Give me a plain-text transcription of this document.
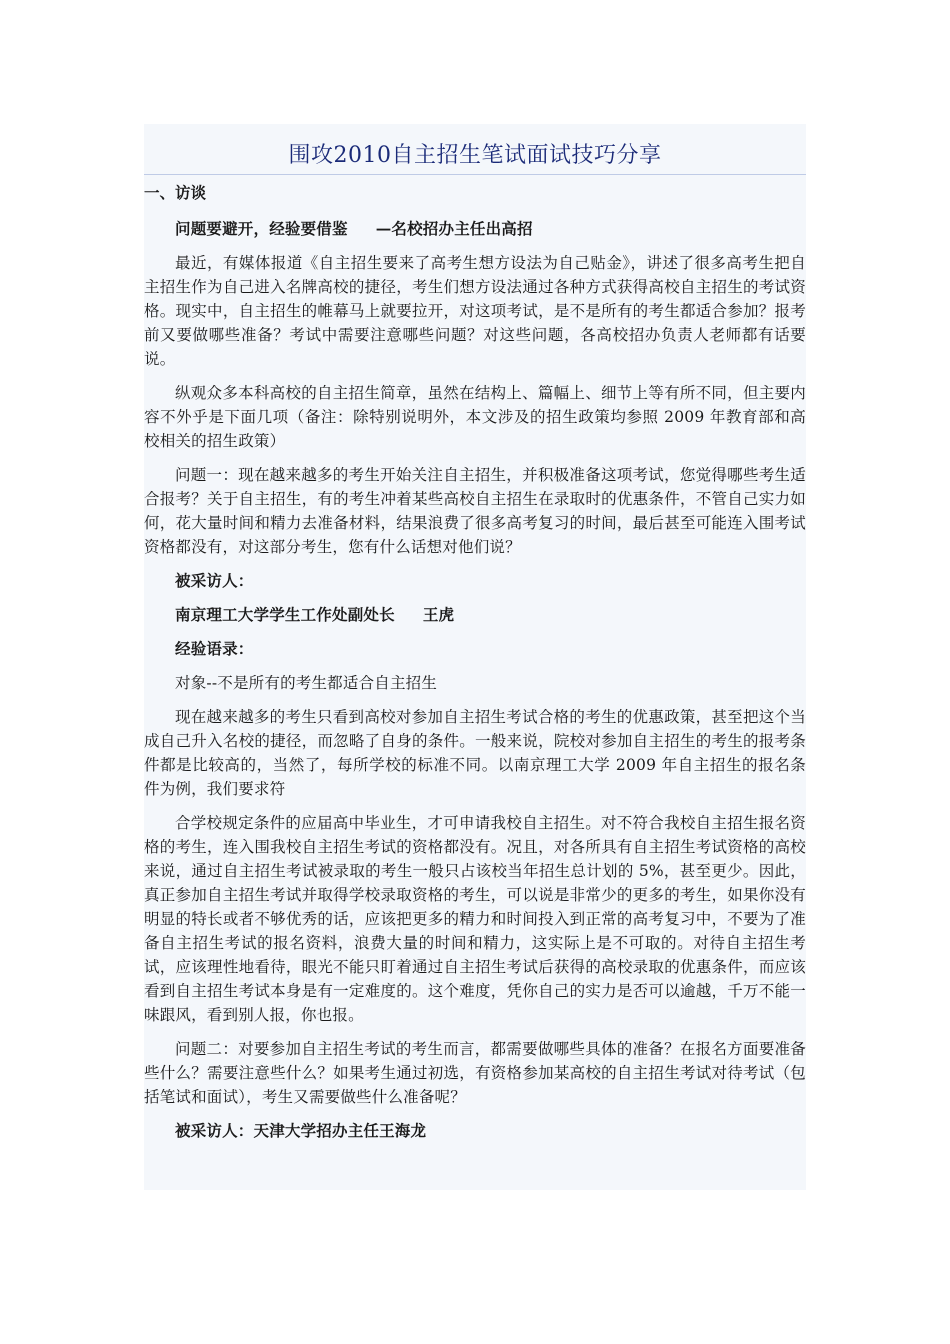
围攻2010自主招生笔试面试技巧分享
一、访谈

问题要避开，经验要借鉴 —名校招办主任出高招

最近，有媒体报道《自主招生要来了高考生想方设法为自己贴金》，讲述了很多高考生把自主招生作为自己进入名牌高校的捷径，考生们想方设法通过各种方式获得高校自主招生的考试资格。现实中，自主招生的帷幕马上就要拉开，对这项考试，是不是所有的考生都适合参加？报考前又要做哪些准备？考试中需要注意哪些问题？对这些问题，各高校招办负责人老师都有话要说。

纵观众多本科高校的自主招生简章，虽然在结构上、篇幅上、细节上等有所不同，但主要内容不外乎是下面几项（备注：除特别说明外，本文涉及的招生政策均参照 2009 年教育部和高校相关的招生政策）

问题一：现在越来越多的考生开始关注自主招生，并积极准备这项考试，您觉得哪些考生适合报考？关于自主招生，有的考生冲着某些高校自主招生在录取时的优惠条件，不管自己实力如何，花大量时间和精力去准备材料，结果浪费了很多高考复习的时间，最后甚至可能连入围考试资格都没有，对这部分考生，您有什么话想对他们说？

被采访人：

南京理工大学学生工作处副处长 王虎

经验语录：

对象--不是所有的考生都适合自主招生

现在越来越多的考生只看到高校对参加自主招生考试合格的考生的优惠政策，甚至把这个当成自己升入名校的捷径，而忽略了自身的条件。一般来说，院校对参加自主招生的考生的报考条件都是比较高的，当然了，每所学校的标准不同。以南京理工大学 2009 年自主招生的报名条件为例，我们要求符

合学校规定条件的应届高中毕业生，才可申请我校自主招生。对不符合我校自主招生报名资格的考生，连入围我校自主招生考试的资格都没有。况且，对各所具有自主招生考试资格的高校来说，通过自主招生考试被录取的考生一般只占该校当年招生总计划的 5%，甚至更少。因此，真正参加自主招生考试并取得学校录取资格的考生，可以说是非常少的更多的考生，如果你没有明显的特长或者不够优秀的话，应该把更多的精力和时间投入到正常的高考复习中，不要为了准备自主招生考试的报名资料，浪费大量的时间和精力，这实际上是不可取的。对待自主招生考试，应该理性地看待，眼光不能只盯着通过自主招生考试后获得的高校录取的优惠条件，而应该看到自主招生考试本身是有一定难度的。这个难度，凭你自己的实力是否可以逾越，千万不能一味跟风，看到别人报，你也报。

问题二：对要参加自主招生考试的考生而言，都需要做哪些具体的准备？在报名方面要准备些什么？需要注意些什么？如果考生通过初选，有资格参加某高校的自主招生考试对待考试（包括笔试和面试），考生又需要做些什么准备呢？

被采访人：天津大学招办主任王海龙
